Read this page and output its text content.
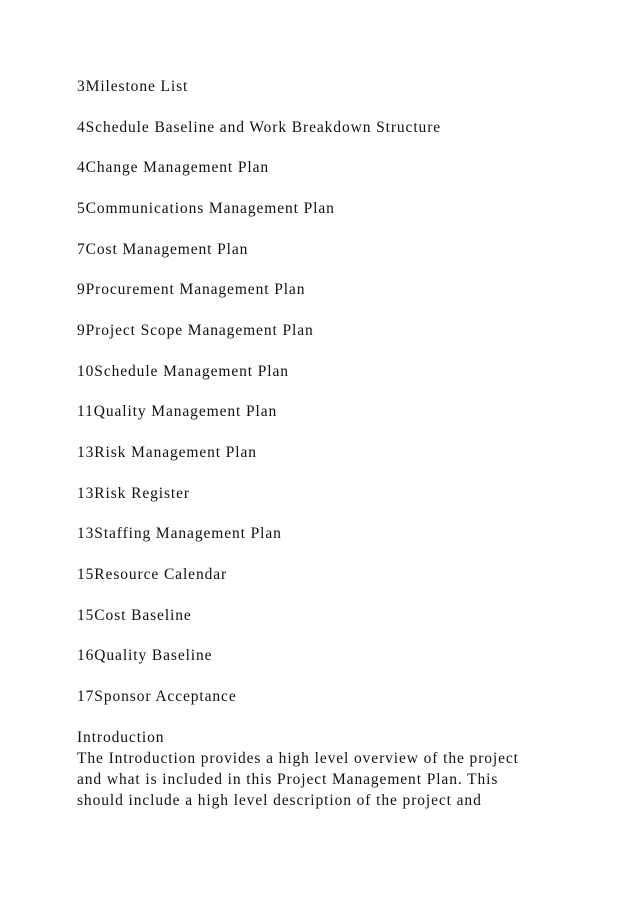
3Milestone List

4Schedule Baseline and Work Breakdown Structure

4Change Management Plan

5Communications Management Plan

7Cost Management Plan

9Procurement Management Plan

9Project Scope Management Plan

10Schedule Management Plan

11Quality Management Plan

13Risk Management Plan

13Risk Register

13Staffing Management Plan

15Resource Calendar

15Cost Baseline

16Quality Baseline

17Sponsor Acceptance

Introduction

The Introduction provides a high level overview of the project

and what is included in this Project Management Plan. This

should include a high level description of the project and
